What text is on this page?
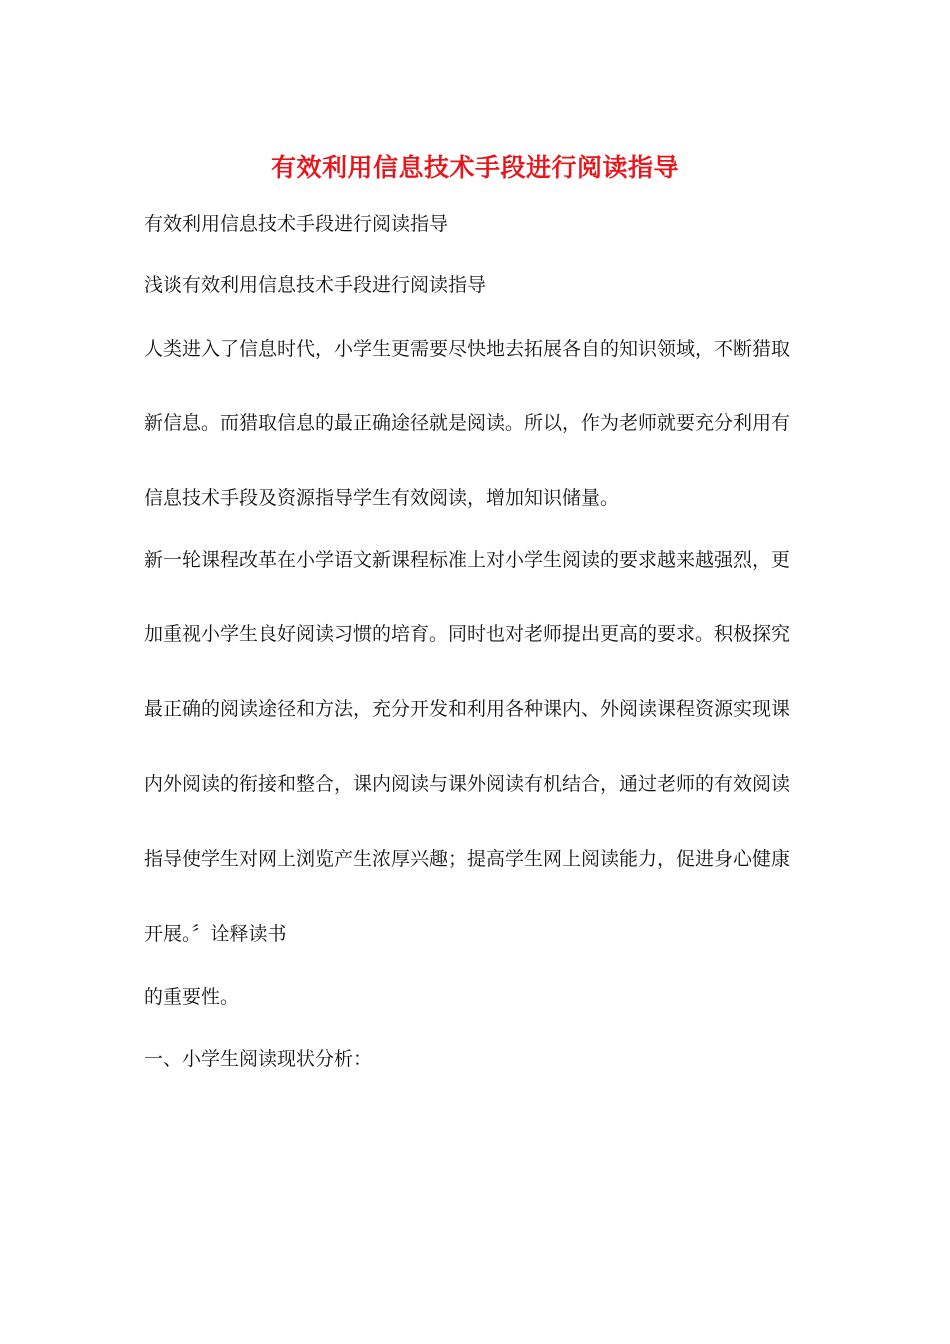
有效利用信息技术手段进行阅读指导
有效利用信息技术手段进行阅读指导
浅谈有效利用信息技术手段进行阅读指导
人类进入了信息时代，小学生更需要尽快地去拓展各自的知识领域，不断猎取
新信息。而猎取信息的最正确途径就是阅读。所以，作为老师就要充分利用有
信息技术手段及资源指导学生有效阅读，增加知识储量。
新一轮课程改革在小学语文新课程标准上对小学生阅读的要求越来越强烈，更
加重视小学生良好阅读习惯的培育。同时也对老师提出更高的要求。积极探究
最正确的阅读途径和方法，充分开发和利用各种课内、外阅读课程资源实现课
内外阅读的衔接和整合，课内阅读与课外阅读有机结合，通过老师的有效阅读
指导使学生对网上浏览产生浓厚兴趣；提高学生网上阅读能力，促进身心健康
开展。〞诠释读书
的重要性。
一、小学生阅读现状分析：
